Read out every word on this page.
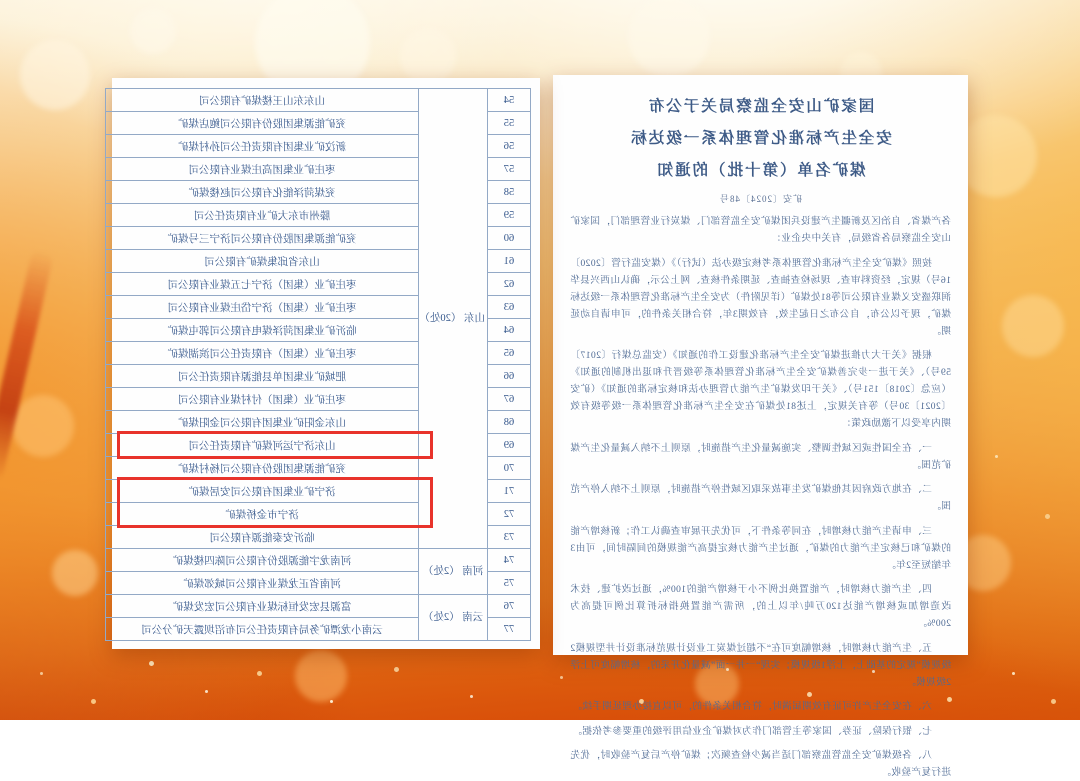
国家矿山安全监察局关于公布
安全生产标准化管理体系一级达标
煤矿名单（第十批）的通知
矿安〔2024〕48号

各产煤省、自治区及新疆生产建设兵团煤矿安全监管部门、煤炭行业管理部门，国家矿山安全监察局各省级局，有关中央企业：

按照《煤矿安全生产标准化管理体系考核定级办法（试行）》（煤安监行管〔2020〕16号）规定，经资料审查、现场检查抽查、延期条件核查、网上公示，确认山西兴县华润联盛安义煤业有限公司等81处煤矿（详见附件）为安全生产标准化管理体系一级达标煤矿，现予以公布，自公布之日起生效，有效期3年，符合相关条件的，可申请自动延期。

根据《关于大力推进煤矿安全生产标准化建设工作的通知》（安监总煤行〔2017〕59号）、《关于进一步完善煤矿安全生产标准化管理体系等级晋升和退出机制的通知》（应急〔2018〕151号）、《关于印发煤矿生产能力管理办法和核定标准的通知》（矿安〔2021〕30号）等有关规定，上述81处煤矿在安全生产标准化管理体系一级等级有效期内享受以下激励政策：

一、在全国性或区域性调整、实施减量化生产措施时，原则上不纳入减量化生产煤矿范围。

二、在地方政府因其他煤矿发生事故采取区域性停产措施时，原则上不纳入停产范围。

三、申请生产能力核增时，在同等条件下，可优先开展审查确认工作；新核增产能的煤矿和已核定生产能力的煤矿，通过生产能力核定提高产能规模的间隔时间，可由3年缩短至2年。

四、生产能力核增时，产能置换比例不小于核增产能的100%，通过改扩建、技术改造增加或核增产能达120万吨/年以上的，所需产能置换指标折算比例可提高为200%。

五、生产能力核增时，核增幅度可在“不超过煤炭工业设计规范标准设计井型规模2级规模”规定的基础上，上浮1级规模；实现“一井一面”减量化开采的，核增幅度可上浮2级规模。

六、在安全生产许可证有效期届满时，符合相关条件的，可以直接办理延期手续。

七、银行保险、证券、国家等主管部门作为对煤矿企业信用评级的重要参考依据。

八、各级煤矿安全监管监察部门适当减少检查频次；煤矿停产后复产验收时，优先进行复产验收。

54	山东 （20处）	山东东山王楼煤矿有限公司
55		兖矿能源集团股份有限公司鲍店煤矿
56		新汶矿业集团有限责任公司孙村煤矿
57		枣庄矿业集团高庄煤业有限公司
58		兖煤菏泽能化有限公司赵楼煤矿
59		滕州市东大矿业有限责任公司
60		兖矿能源集团股份有限公司济宁三号煤矿
61		山东省邱集煤矿有限公司
62		枣庄矿业（集团）济宁七五煤业有限公司
63		枣庄矿业（集团）济宁岱庄煤业有限公司
64		临沂矿业集团菏泽煤电有限公司郭屯煤矿
65		枣庄矿业（集团）有限责任公司滨湖煤矿
66		肥城矿业集团单县能源有限责任公司
67		枣庄矿业（集团）付村煤业有限公司
68		山东金阳矿业集团有限公司金阳煤矿
69		山东济宁运河煤矿有限责任公司
70		兖矿能源集团股份有限公司杨村煤矿
71		济宁矿业集团有限公司安居煤矿
72		济宁市金桥煤矿
73		临沂安泰能源有限公司
74	河南 （2处）	河南龙宇能源股份有限公司陈四楼煤矿
75		河南省正龙煤业有限公司城郊煤矿
76	云南 （2处）	富源县宏发恒标煤业有限公司宏发煤矿
77		云南小龙潭矿务局有限责任公司布沼坝露天矿分公司
